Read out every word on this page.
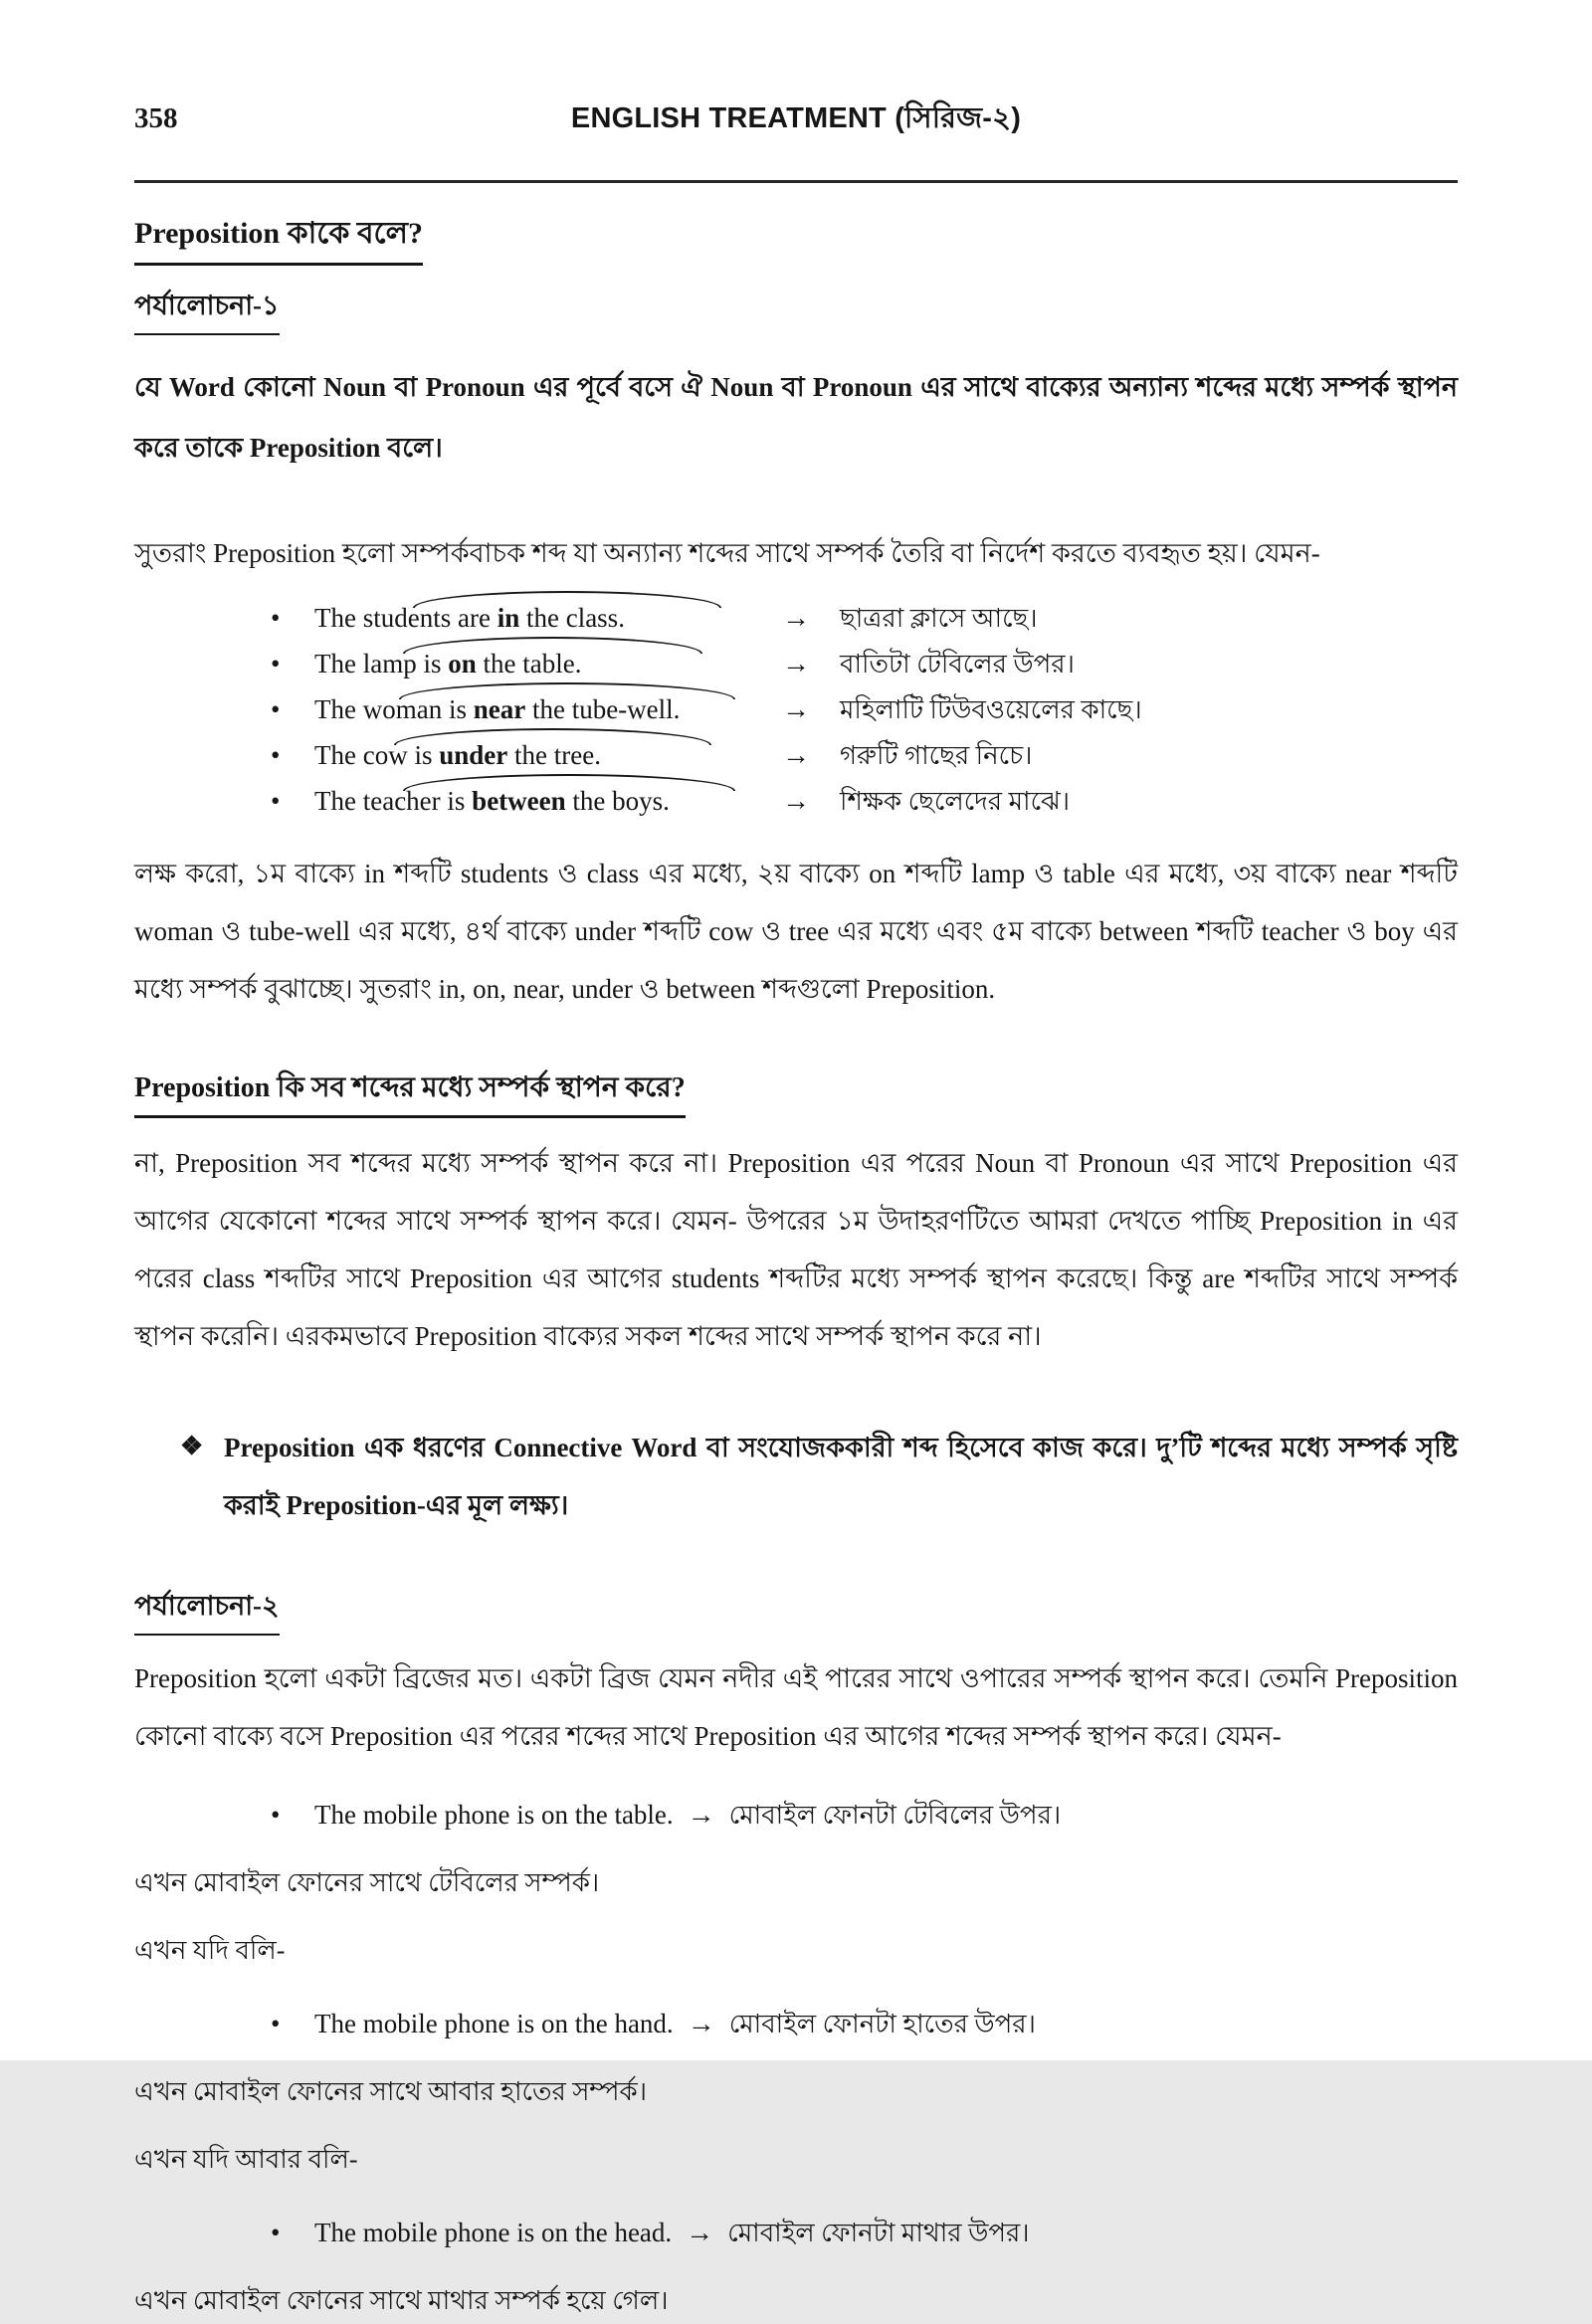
358	ENGLISH TREATMENT (সিরিজ-২)
Preposition কাকে বলে?
পর্যালোচনা-১

যে Word কোনো Noun বা Pronoun এর পূর্বে বসে ঐ Noun বা Pronoun এর সাথে বাক্যের অন্যান্য শব্দের মধ্যে সম্পর্ক স্থাপন করে তাকে Preposition বলে।

সুতরাং Preposition হলো সম্পর্কবাচক শব্দ যা অন্যান্য শব্দের সাথে সম্পর্ক তৈরি বা নির্দেশ করতে ব্যবহৃত হয়। যেমন-

•	The students are in the class.	→	ছাত্ররা ক্লাসে আছে।
•	The lamp is on the table.	→	বাতিটা টেবিলের উপর।
•	The woman is near the tube-well.	→	মহিলাটি টিউবওয়েলের কাছে।
•	The cow is under the tree.	→	গরুটি গাছের নিচে।
•	The teacher is between the boys.	→	শিক্ষক ছেলেদের মাঝে।

লক্ষ করো, ১ম বাক্যে in শব্দটি students ও class এর মধ্যে, ২য় বাক্যে on শব্দটি lamp ও table এর মধ্যে, ৩য় বাক্যে near শব্দটি woman ও tube-well এর মধ্যে, ৪র্থ বাক্যে under শব্দটি cow ও tree এর মধ্যে এবং ৫ম বাক্যে between শব্দটি teacher ও boy এর মধ্যে সম্পর্ক বুঝাচ্ছে। সুতরাং in, on, near, under ও between শব্দগুলো Preposition.

Preposition কি সব শব্দের মধ্যে সম্পর্ক স্থাপন করে?

না, Preposition সব শব্দের মধ্যে সম্পর্ক স্থাপন করে না। Preposition এর পরের Noun বা Pronoun এর সাথে Preposition এর আগের যেকোনো শব্দের সাথে সম্পর্ক স্থাপন করে। যেমন- উপরের ১ম উদাহরণটিতে আমরা দেখতে পাচ্ছি Preposition in এর পরের class শব্দটির সাথে Preposition এর আগের students শব্দটির মধ্যে সম্পর্ক স্থাপন করেছে। কিন্তু are শব্দটির সাথে সম্পর্ক স্থাপন করেনি। এরকমভাবে Preposition বাক্যের সকল শব্দের সাথে সম্পর্ক স্থাপন করে না।

❖ Preposition এক ধরণের Connective Word বা সংযোজককারী শব্দ হিসেবে কাজ করে। দু’টি শব্দের মধ্যে সম্পর্ক সৃষ্টি করাই Preposition-এর মূল লক্ষ্য।
পর্যালোচনা-২

Preposition হলো একটা ব্রিজের মত। একটা ব্রিজ যেমন নদীর এই পারের সাথে ওপারের সম্পর্ক স্থাপন করে। তেমনি Preposition কোনো বাক্যে বসে Preposition এর পরের শব্দের সাথে Preposition এর আগের শব্দের সম্পর্ক স্থাপন করে। যেমন-

•	The mobile phone is on the table. → মোবাইল ফোনটা টেবিলের উপর।

এখন মোবাইল ফোনের সাথে টেবিলের সম্পর্ক।

এখন যদি বলি-

•	The mobile phone is on the hand. → মোবাইল ফোনটা হাতের উপর।

এখন মোবাইল ফোনের সাথে আবার হাতের সম্পর্ক।

এখন যদি আবার বলি-

•	The mobile phone is on the head. → মোবাইল ফোনটা মাথার উপর।

এখন মোবাইল ফোনের সাথে মাথার সম্পর্ক হয়ে গেল।
